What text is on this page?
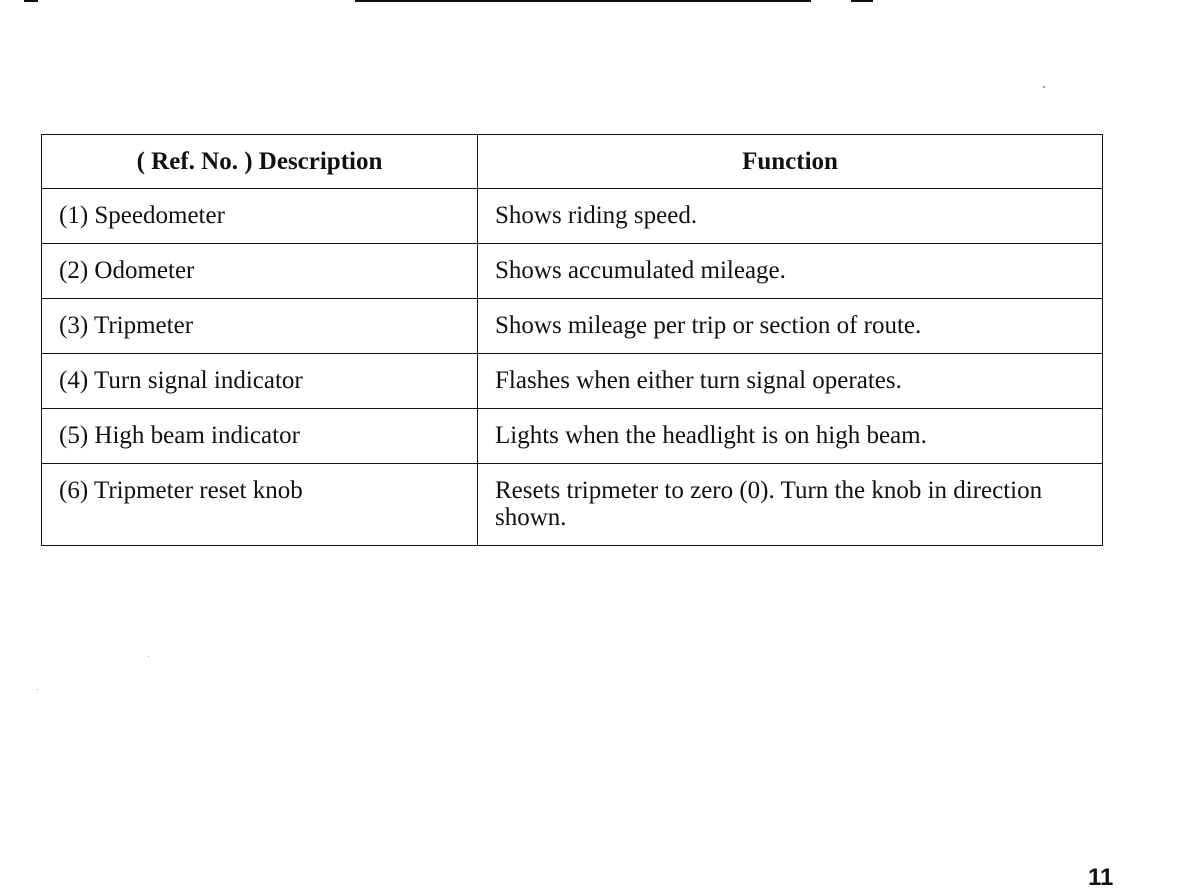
( Ref. No. ) Description	Function
(1) Speedometer	Shows riding speed.
(2) Odometer	Shows accumulated mileage.
(3) Tripmeter	Shows mileage per trip or section of route.
(4) Turn signal indicator	Flashes when either turn signal operates.
(5) High beam indicator	Lights when the headlight is on high beam.
(6) Tripmeter reset knob	Resets tripmeter to zero (0). Turn the knob in direction shown.
11
